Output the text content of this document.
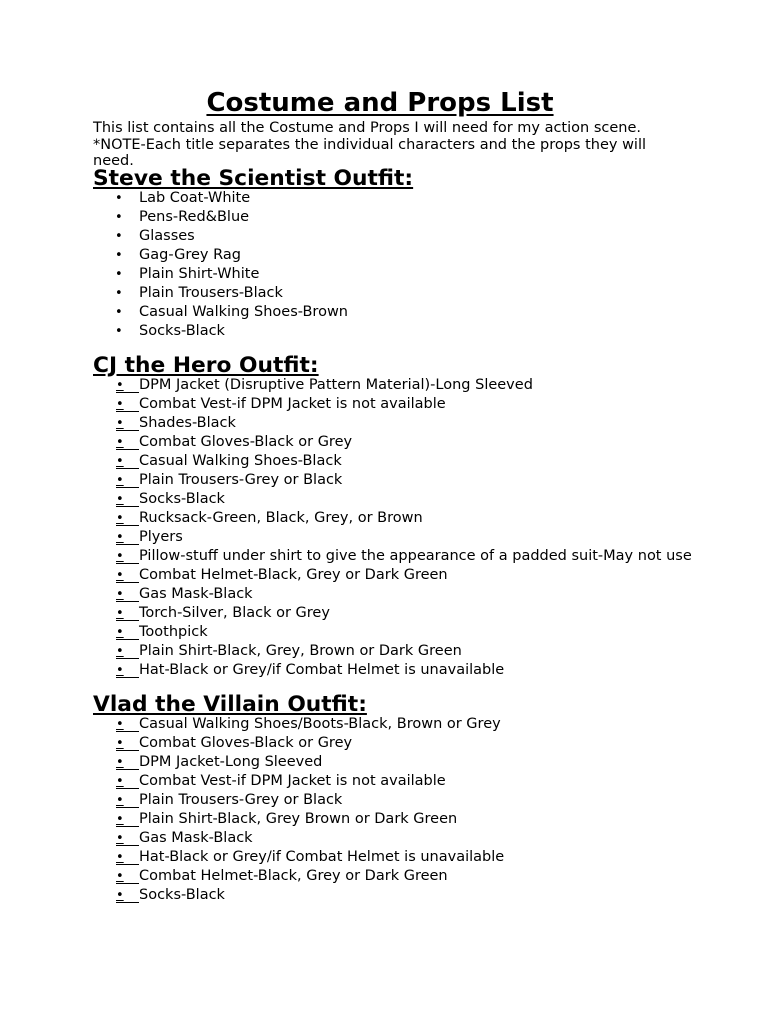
Costume and Props List

This list contains all the Costume and Props I will need for my action scene.
*NOTE-Each title separates the individual characters and the props they will need.

Steve the Scientist Outfit:
• Lab Coat-White
• Pens-Red&Blue
• Glasses
• Gag-Grey Rag
• Plain Shirt-White
• Plain Trousers-Black
• Casual Walking Shoes-Brown
• Socks-Black
CJ the Hero Outfit:
•	DPM Jacket (Disruptive Pattern Material)-Long Sleeved
•	Combat Vest-if DPM Jacket is not available
•	Shades-Black
•	Combat Gloves-Black or Grey
•	Casual Walking Shoes-Black
•	Plain Trousers-Grey or Black
•	Socks-Black
•	Rucksack-Green, Black, Grey, or Brown
•	Plyers
•	Pillow-stuff under shirt to give the appearance of a padded suit-May not use
•	Combat Helmet-Black, Grey or Dark Green
•	Gas Mask-Black
•	Torch-Silver, Black or Grey
•	Toothpick
•	Plain Shirt-Black, Grey, Brown or Dark Green
•	Hat-Black or Grey/if Combat Helmet is unavailable
Vlad the Villain Outfit:
•	Casual Walking Shoes/Boots-Black, Brown or Grey
•	Combat Gloves-Black or Grey
•	DPM Jacket-Long Sleeved
•	Combat Vest-if DPM Jacket is not available
•	Plain Trousers-Grey or Black
•	Plain Shirt-Black, Grey Brown or Dark Green
•	Gas Mask-Black
•	Hat-Black or Grey/if Combat Helmet is unavailable
•	Combat Helmet-Black, Grey or Dark Green
•	Socks-Black
